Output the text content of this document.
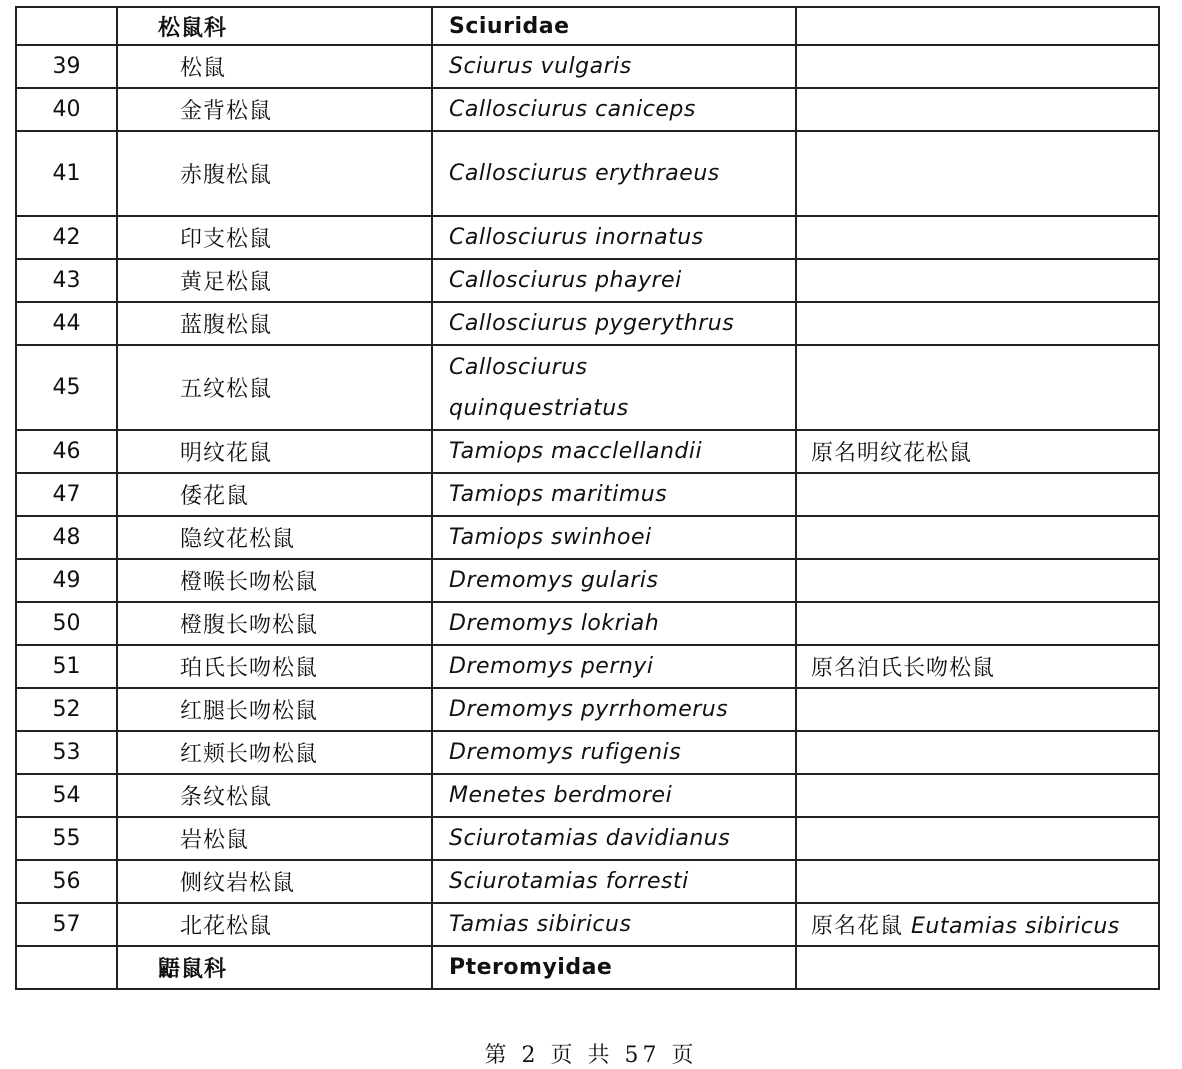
	松鼠科	Sciuridae	
39	松鼠	Sciurus vulgaris	
40	金背松鼠	Callosciurus caniceps	
41	赤腹松鼠	Callosciurus erythraeus	
42	印支松鼠	Callosciurus inornatus	
43	黄足松鼠	Callosciurus phayrei	
44	蓝腹松鼠	Callosciurus pygerythrus	
45	五纹松鼠	Callosciurus
quinquestriatus	

46	明纹花鼠	Tamiops macclellandii	原名明纹花松鼠
47	倭花鼠	Tamiops maritimus	
48	隐纹花松鼠	Tamiops swinhoei	
49	橙喉长吻松鼠	Dremomys gularis	
50	橙腹长吻松鼠	Dremomys lokriah	
51	珀氏长吻松鼠	Dremomys pernyi	原名泊氏长吻松鼠
52	红腿长吻松鼠	Dremomys pyrrhomerus	
53	红颊长吻松鼠	Dremomys rufigenis	
54	条纹松鼠	Menetes berdmorei	
55	岩松鼠	Sciurotamias davidianus	
56	侧纹岩松鼠	Sciurotamias forresti	
57	北花松鼠	Tamias sibiricus	原名花鼠 Eutamias sibiricus
	鼯鼠科	Pteromyidae	
第 2 页 共 57 页
